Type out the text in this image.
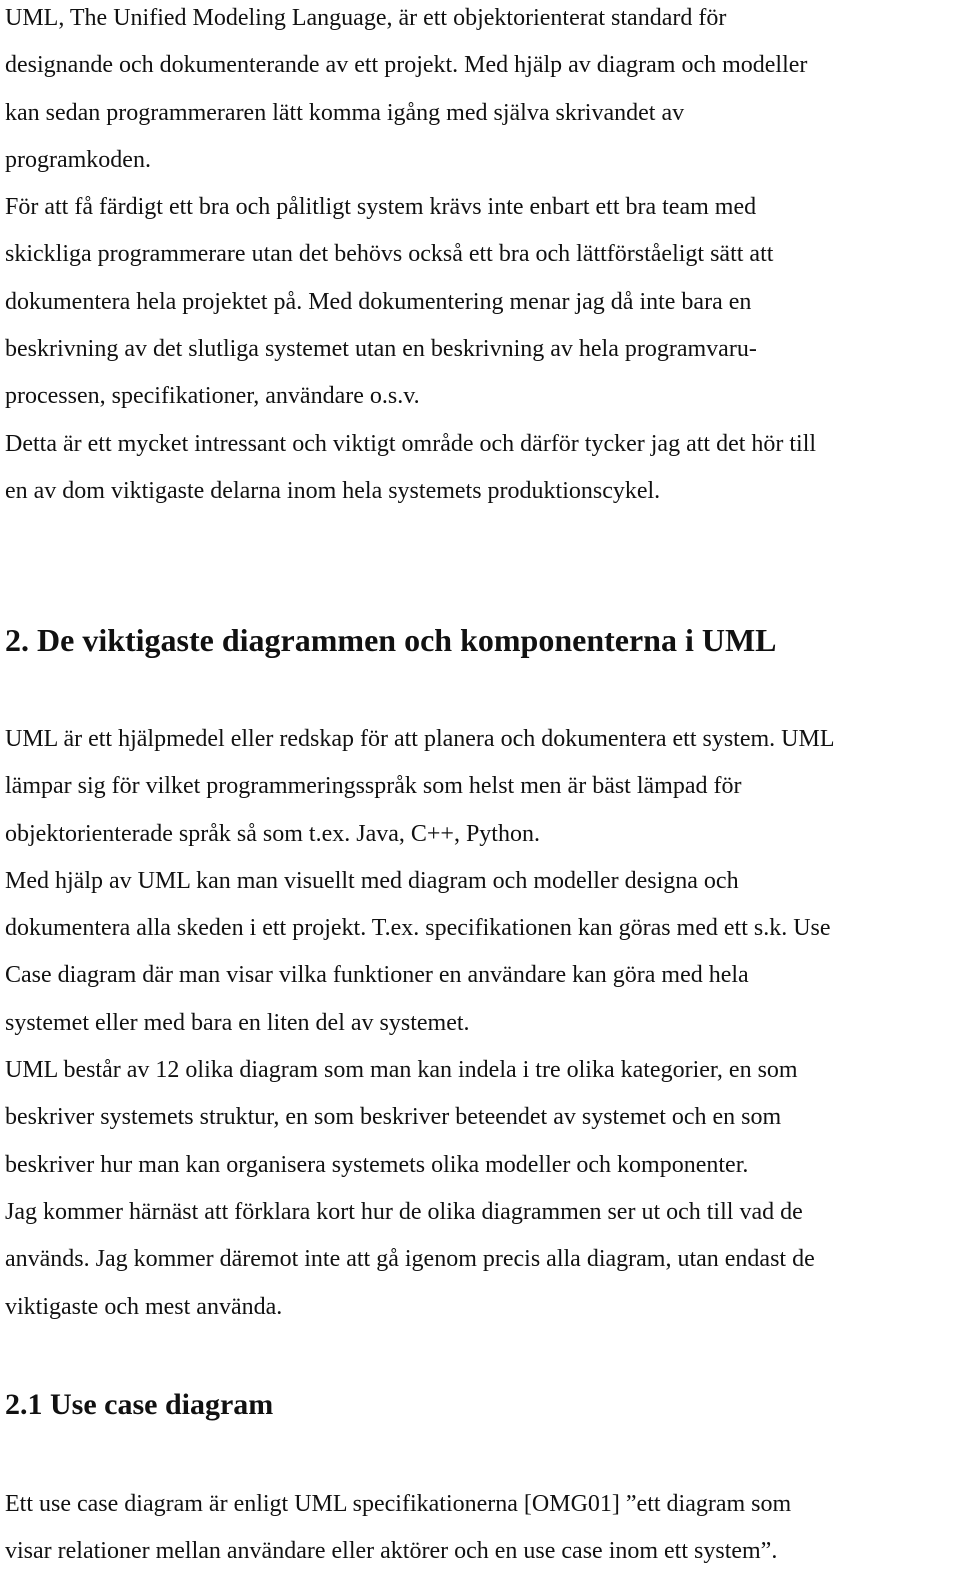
UML, The Unified Modeling Language, är ett objektorienterat standard för
designande och dokumenterande av ett projekt. Med hjälp av diagram och modeller
kan sedan programmeraren lätt komma igång med själva skrivandet av
programkoden.
För att få färdigt ett bra och pålitligt system krävs inte enbart ett bra team med
skickliga programmerare utan det behövs också ett bra och lättförståeligt sätt att
dokumentera hela projektet på. Med dokumentering menar jag då inte bara en
beskrivning av det slutliga systemet utan en beskrivning av hela programvaru-
processen, specifikationer, användare o.s.v.
Detta är ett mycket intressant och viktigt område och därför tycker jag att det hör till
en av dom viktigaste delarna inom hela systemets produktionscykel.
2. De viktigaste diagrammen och komponenterna i UML
UML är ett hjälpmedel eller redskap för att planera och dokumentera ett system. UML
lämpar sig för vilket programmeringsspråk som helst men är bäst lämpad för
objektorienterade språk så som t.ex. Java, C++, Python.
Med hjälp av UML kan man visuellt med diagram och modeller designa och
dokumentera alla skeden i ett projekt. T.ex. specifikationen kan göras med ett s.k. Use
Case diagram där man visar vilka funktioner en användare kan göra med hela
systemet eller med bara en liten del av systemet.
UML består av 12 olika diagram som man kan indela i tre olika kategorier, en som
beskriver systemets struktur, en som beskriver beteendet av systemet och en som
beskriver hur man kan organisera systemets olika modeller och komponenter.
Jag kommer härnäst att förklara kort hur de olika diagrammen ser ut och till vad de
används. Jag kommer däremot inte att gå igenom precis alla diagram, utan endast de
viktigaste och mest använda.
2.1 Use case diagram
Ett use case diagram är enligt UML specifikationerna [OMG01] ”ett diagram som
visar relationer mellan användare eller aktörer och en use case inom ett system”.
